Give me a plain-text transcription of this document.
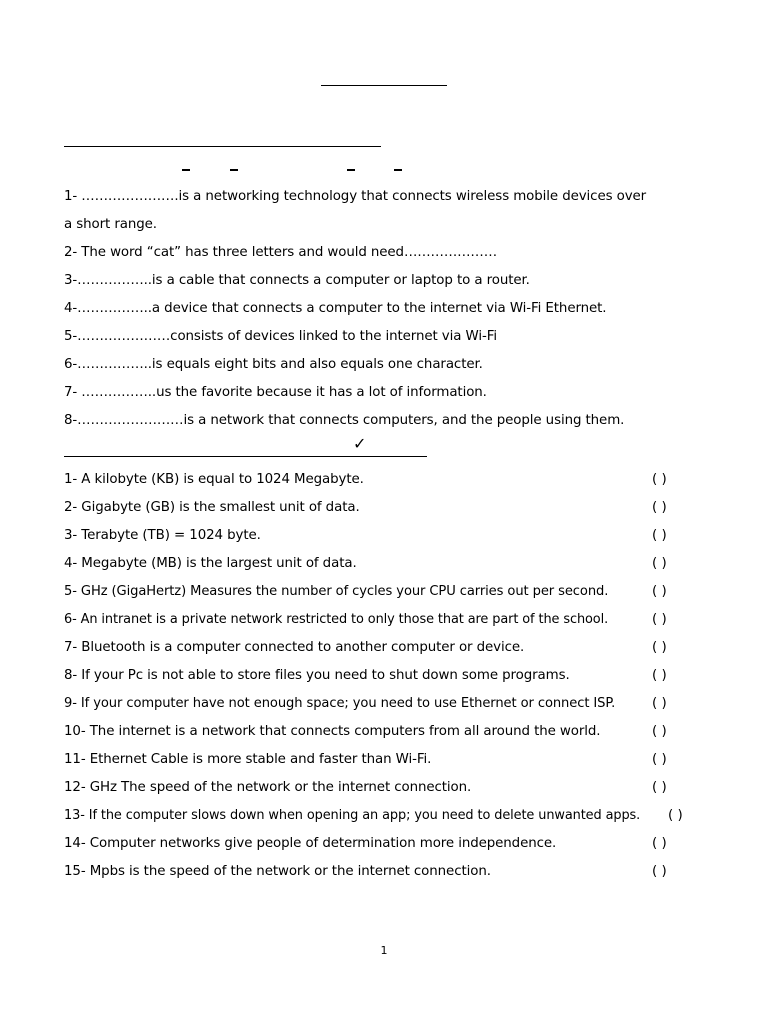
1- ………………….is a networking technology that connects wireless mobile devices over
a short range.
2- The word “cat” has three letters and would need…………………
3-……………..is a cable that connects a computer or laptop to a router.
4-……………..a device that connects a computer to the internet via Wi-Fi Ethernet.
5-…………………consists of devices linked to the internet via Wi-Fi
6-……………..is equals eight bits and also equals one character.
7- ……………..us the favorite because it has a lot of information.
8-……………………is a network that connects computers, and the people using them.
✓
1- A kilobyte (KB) is equal to 1024 Megabyte.	( )
2- Gigabyte (GB) is the smallest unit of data.	( )
3- Terabyte (TB) = 1024 byte.	( )
4- Megabyte (MB) is the largest unit of data.	( )
5- GHz (GigaHertz) Measures the number of cycles your CPU carries out per second.	( )
6- An intranet is a private network restricted to only those that are part of the school.	( )
7- Bluetooth is a computer connected to another computer or device.	( )
8- If your Pc is not able to store files you need to shut down some programs.	( )
9- If your computer have not enough space; you need to use Ethernet or connect ISP.	( )
10- The internet is a network that connects computers from all around the world.	( )
11- Ethernet Cable is more stable and faster than Wi-Fi.	( )
12- GHz The speed of the network or the internet connection.	( )
13- If the computer slows down when opening an app; you need to delete unwanted apps. ( )
14- Computer networks give people of determination more independence.	( )
15- Mpbs is the speed of the network or the internet connection.	( )
1
